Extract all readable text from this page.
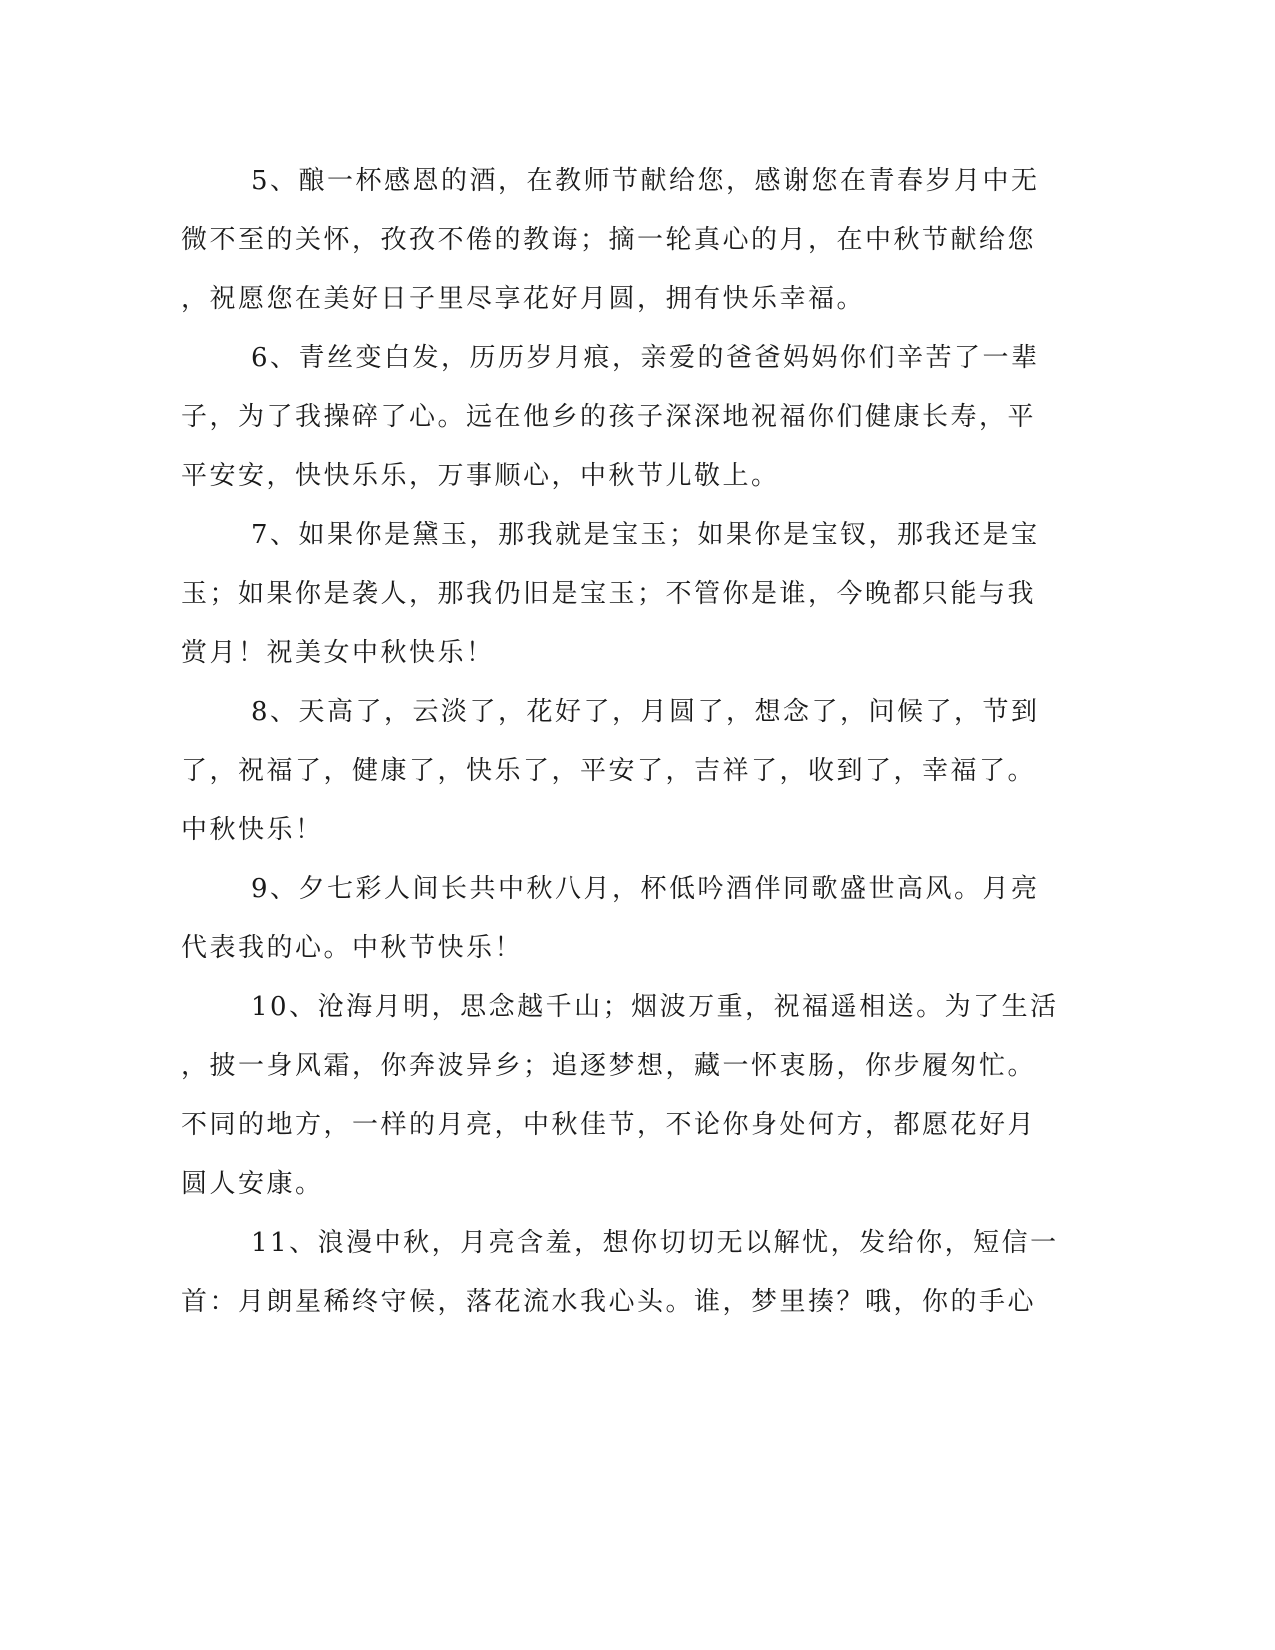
5、酿一杯感恩的酒，在教师节献给您，感谢您在青春岁月中无
微不至的关怀，孜孜不倦的教诲；摘一轮真心的月，在中秋节献给您
，祝愿您在美好日子里尽享花好月圆，拥有快乐幸福。
6、青丝变白发，历历岁月痕，亲爱的爸爸妈妈你们辛苦了一辈
子，为了我操碎了心。远在他乡的孩子深深地祝福你们健康长寿，平
平安安，快快乐乐，万事顺心，中秋节儿敬上。
7、如果你是黛玉，那我就是宝玉；如果你是宝钗，那我还是宝
玉；如果你是袭人，那我仍旧是宝玉；不管你是谁，今晚都只能与我
赏月！祝美女中秋快乐！
8、天高了，云淡了，花好了，月圆了，想念了，问候了，节到
了，祝福了，健康了，快乐了，平安了，吉祥了，收到了，幸福了。
中秋快乐！
9、夕七彩人间长共中秋八月，杯低吟酒伴同歌盛世高风。月亮
代表我的心。中秋节快乐！
10、沧海月明，思念越千山；烟波万重，祝福遥相送。为了生活
，披一身风霜，你奔波异乡；追逐梦想，藏一怀衷肠，你步履匆忙。
不同的地方，一样的月亮，中秋佳节，不论你身处何方，都愿花好月
圆人安康。
11、浪漫中秋，月亮含羞，想你切切无以解忧，发给你，短信一
首：月朗星稀终守候，落花流水我心头。谁，梦里揍？哦，你的手心
